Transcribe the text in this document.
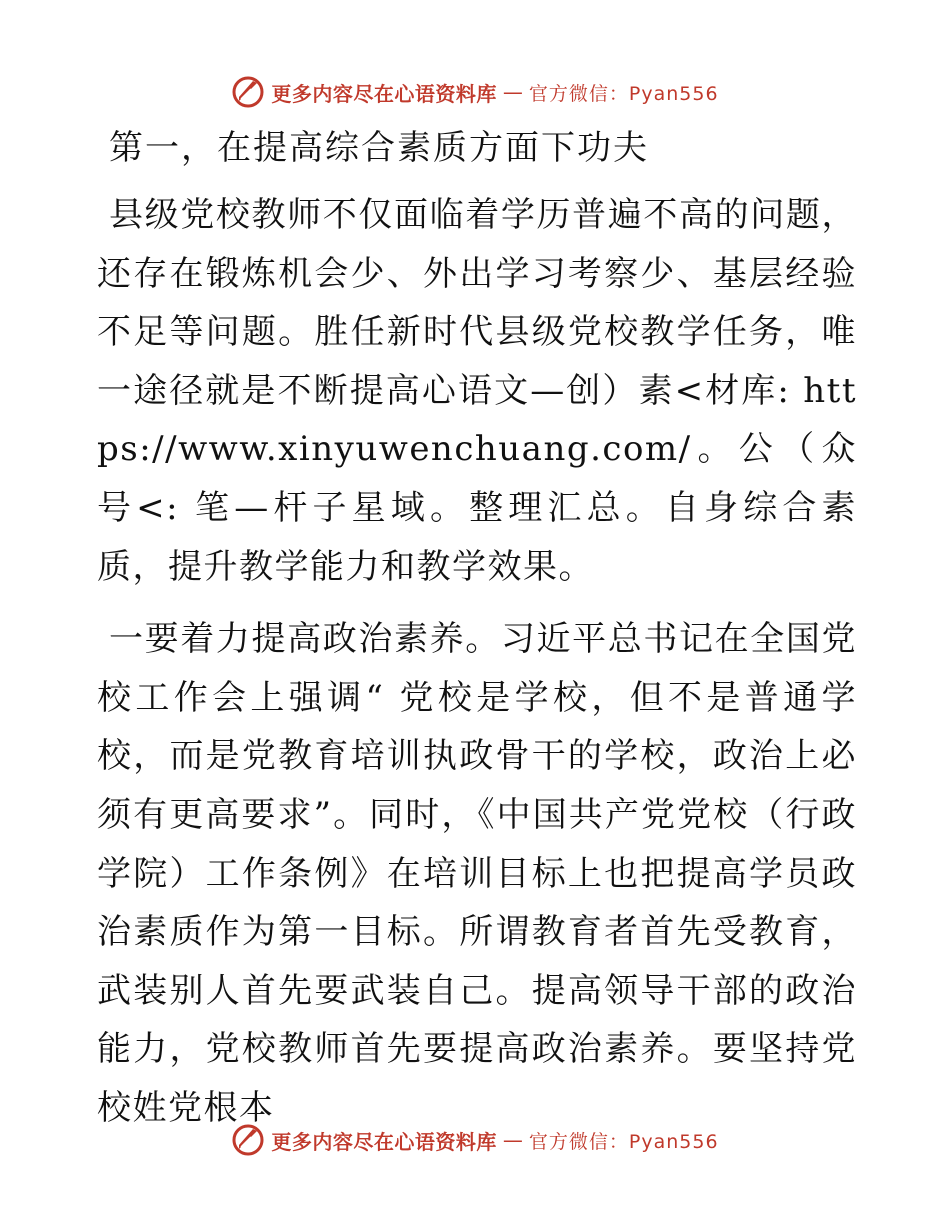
更多内容尽在心语资料库 — 官方微信：Pyan556
第一，在提高综合素质方面下功夫

县级党校教师不仅面临着学历普遍不高的问题，还存在锻炼机会少、外出学习考察少、基层经验不足等问题。胜任新时代县级党校教学任务，唯一途径就是不断提高心语文—创）素<材库: https://www.xinyuwenchuang.com/。公（众号<: 笔—杆子星域。整理汇总。自身综合素质，提升教学能力和教学效果。

一要着力提高政治素养。习近平总书记在全国党校工作会上强调“ 党校是学校，但不是普通学校，而是党教育培训执政骨干的学校，政治上必须有更高要求”。同时，《中国共产党党校（行政学院）工作条例》在培训目标上也把提高学员政治素质作为第一目标。所谓教育者首先受教育，武装别人首先要武装自己。提高领导干部的政治能力，党校教师首先要提高政治素养。要坚持党校姓党根本

更多内容尽在心语资料库 — 官方微信：Pyan556
